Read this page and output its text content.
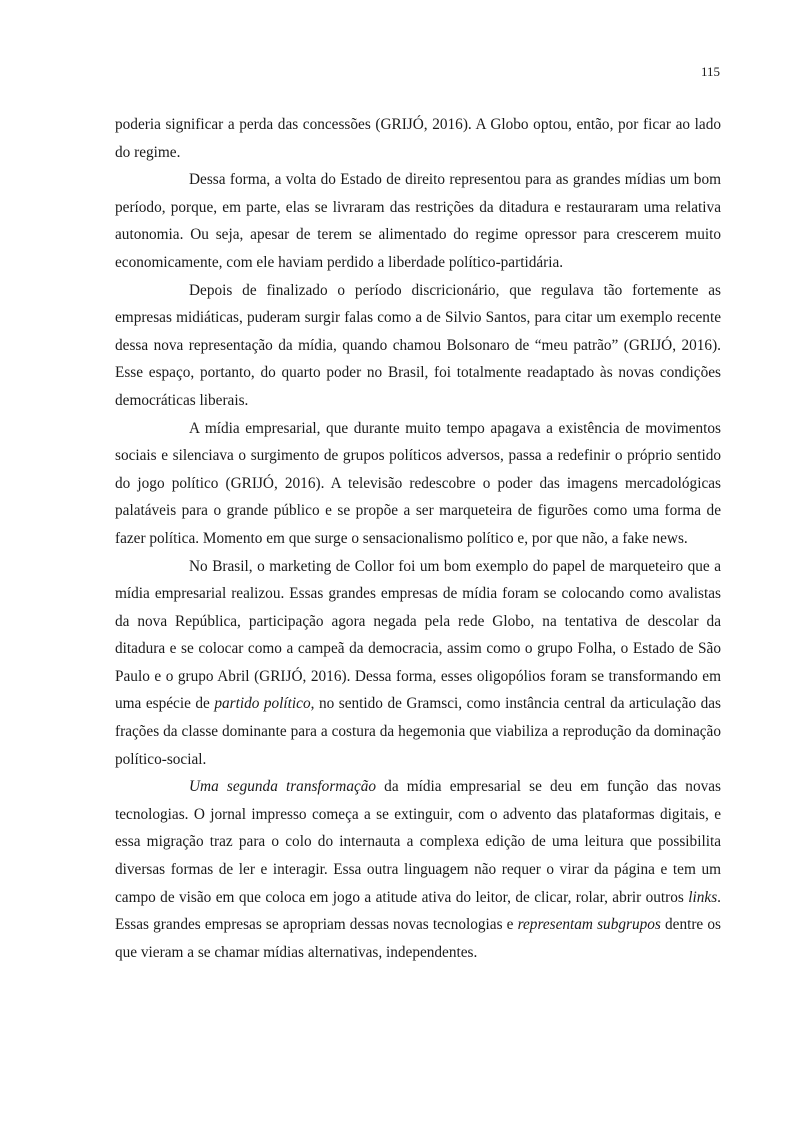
115

poderia significar a perda das concessões (GRIJÓ, 2016). A Globo optou, então, por ficar ao lado do regime.

Dessa forma, a volta do Estado de direito representou para as grandes mídias um bom período, porque, em parte, elas se livraram das restrições da ditadura e restauraram uma relativa autonomia. Ou seja, apesar de terem se alimentado do regime opressor para crescerem muito economicamente, com ele haviam perdido a liberdade político-partidária.

Depois de finalizado o período discricionário, que regulava tão fortemente as empresas midiáticas, puderam surgir falas como a de Silvio Santos, para citar um exemplo recente dessa nova representação da mídia, quando chamou Bolsonaro de “meu patrão” (GRIJÓ, 2016). Esse espaço, portanto, do quarto poder no Brasil, foi totalmente readaptado às novas condições democráticas liberais.

A mídia empresarial, que durante muito tempo apagava a existência de movimentos sociais e silenciava o surgimento de grupos políticos adversos, passa a redefinir o próprio sentido do jogo político (GRIJÓ, 2016). A televisão redescobre o poder das imagens mercadológicas palatáveis para o grande público e se propõe a ser marqueteira de figurões como uma forma de fazer política. Momento em que surge o sensacionalismo político e, por que não, a fake news.

No Brasil, o marketing de Collor foi um bom exemplo do papel de marqueteiro que a mídia empresarial realizou. Essas grandes empresas de mídia foram se colocando como avalistas da nova República, participação agora negada pela rede Globo, na tentativa de descolar da ditadura e se colocar como a campeã da democracia, assim como o grupo Folha, o Estado de São Paulo e o grupo Abril (GRIJÓ, 2016). Dessa forma, esses oligopólios foram se transformando em uma espécie de partido político, no sentido de Gramsci, como instância central da articulação das frações da classe dominante para a costura da hegemonia que viabiliza a reprodução da dominação político-social.

Uma segunda transformação da mídia empresarial se deu em função das novas tecnologias. O jornal impresso começa a se extinguir, com o advento das plataformas digitais, e essa migração traz para o colo do internauta a complexa edição de uma leitura que possibilita diversas formas de ler e interagir. Essa outra linguagem não requer o virar da página e tem um campo de visão em que coloca em jogo a atitude ativa do leitor, de clicar, rolar, abrir outros links. Essas grandes empresas se apropriam dessas novas tecnologias e representam subgrupos dentre os que vieram a se chamar mídias alternativas, independentes.
